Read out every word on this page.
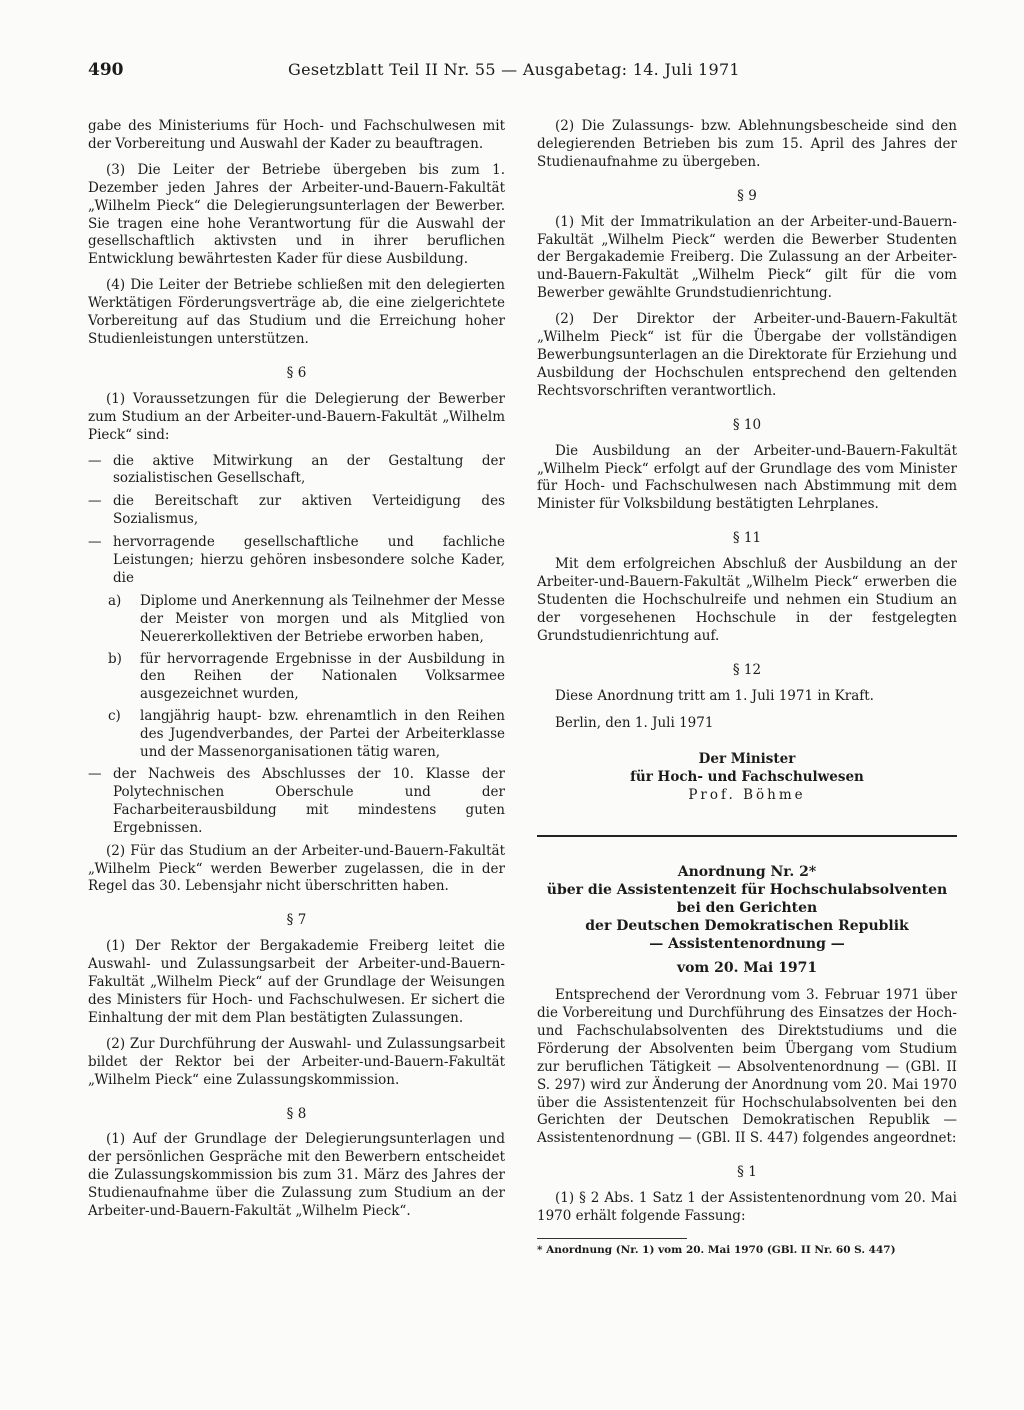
490	Gesetzblatt Teil II Nr. 55 — Ausgabetag: 14. Juli 1971

gabe des Ministeriums für Hoch- und Fachschulwesen mit der Vorbereitung und Auswahl der Kader zu beauftragen.

(3) Die Leiter der Betriebe übergeben bis zum 1. Dezember jeden Jahres der Arbeiter-und-Bauern-Fakultät „Wilhelm Pieck“ die Delegierungsunterlagen der Bewerber. Sie tragen eine hohe Verantwortung für die Auswahl der gesellschaftlich aktivsten und in ihrer beruflichen Entwicklung bewährtesten Kader für diese Ausbildung.

(4) Die Leiter der Betriebe schließen mit den delegierten Werktätigen Förderungsverträge ab, die eine zielgerichtete Vorbereitung auf das Studium und die Erreichung hoher Studienleistungen unterstützen.

§ 6

(1) Voraussetzungen für die Delegierung der Bewerber zum Studium an der Arbeiter-und-Bauern-Fakultät „Wilhelm Pieck“ sind:

— die aktive Mitwirkung an der Gestaltung der sozialistischen Gesellschaft,
— die Bereitschaft zur aktiven Verteidigung des Sozialismus,
— hervorragende gesellschaftliche und fachliche Leistungen; hierzu gehören insbesondere solche Kader, die
a) Diplome und Anerkennung als Teilnehmer der Messe der Meister von morgen und als Mitglied von Neuererkollektiven der Betriebe erworben haben,
b) für hervorragende Ergebnisse in der Ausbildung in den Reihen der Nationalen Volksarmee ausgezeichnet wurden,
c) langjährig haupt- bzw. ehrenamtlich in den Reihen des Jugendverbandes, der Partei der Arbeiterklasse und der Massenorganisationen tätig waren,
— der Nachweis des Abschlusses der 10. Klasse der Polytechnischen Oberschule und der Facharbeiterausbildung mit mindestens guten Ergebnissen.

(2) Für das Studium an der Arbeiter-und-Bauern-Fakultät „Wilhelm Pieck“ werden Bewerber zugelassen, die in der Regel das 30. Lebensjahr nicht überschritten haben.

§ 7

(1) Der Rektor der Bergakademie Freiberg leitet die Auswahl- und Zulassungsarbeit der Arbeiter-und-Bauern-Fakultät „Wilhelm Pieck“ auf der Grundlage der Weisungen des Ministers für Hoch- und Fachschulwesen. Er sichert die Einhaltung der mit dem Plan bestätigten Zulassungen.

(2) Zur Durchführung der Auswahl- und Zulassungsarbeit bildet der Rektor bei der Arbeiter-und-Bauern-Fakultät „Wilhelm Pieck“ eine Zulassungskommission.

§ 8

(1) Auf der Grundlage der Delegierungsunterlagen und der persönlichen Gespräche mit den Bewerbern entscheidet die Zulassungskommission bis zum 31. März des Jahres der Studienaufnahme über die Zulassung zum Studium an der Arbeiter-und-Bauern-Fakultät „Wilhelm Pieck“.

(2) Die Zulassungs- bzw. Ablehnungsbescheide sind den delegierenden Betrieben bis zum 15. April des Jahres der Studienaufnahme zu übergeben.

§ 9

(1) Mit der Immatrikulation an der Arbeiter-und-Bauern-Fakultät „Wilhelm Pieck“ werden die Bewerber Studenten der Bergakademie Freiberg. Die Zulassung an der Arbeiter-und-Bauern-Fakultät „Wilhelm Pieck“ gilt für die vom Bewerber gewählte Grundstudienrichtung.

(2) Der Direktor der Arbeiter-und-Bauern-Fakultät „Wilhelm Pieck“ ist für die Übergabe der vollständigen Bewerbungsunterlagen an die Direktorate für Erziehung und Ausbildung der Hochschulen entsprechend den geltenden Rechtsvorschriften verantwortlich.

§ 10

Die Ausbildung an der Arbeiter-und-Bauern-Fakultät „Wilhelm Pieck“ erfolgt auf der Grundlage des vom Minister für Hoch- und Fachschulwesen nach Abstimmung mit dem Minister für Volksbildung bestätigten Lehrplanes.

§ 11

Mit dem erfolgreichen Abschluß der Ausbildung an der Arbeiter-und-Bauern-Fakultät „Wilhelm Pieck“ erwerben die Studenten die Hochschulreife und nehmen ein Studium an der vorgesehenen Hochschule in der festgelegten Grundstudienrichtung auf.

§ 12

Diese Anordnung tritt am 1. Juli 1971 in Kraft.

Berlin, den 1. Juli 1971

Der Minister

für Hoch- und Fachschulwesen

Prof. Böhme

Anordnung Nr. 2*

über die Assistentenzeit für Hochschulabsolventen

bei den Gerichten

der Deutschen Demokratischen Republik

— Assistentenordnung —

vom 20. Mai 1971

Entsprechend der Verordnung vom 3. Februar 1971 über die Vorbereitung und Durchführung des Einsatzes der Hoch- und Fachschulabsolventen des Direktstudiums und die Förderung der Absolventen beim Übergang vom Studium zur beruflichen Tätigkeit — Absolventenordnung — (GBl. II S. 297) wird zur Änderung der Anordnung vom 20. Mai 1970 über die Assistentenzeit für Hochschulabsolventen bei den Gerichten der Deutschen Demokratischen Republik — Assistentenordnung — (GBl. II S. 447) folgendes angeordnet:

§ 1

(1) § 2 Abs. 1 Satz 1 der Assistentenordnung vom 20. Mai 1970 erhält folgende Fassung:

* Anordnung (Nr. 1) vom 20. Mai 1970 (GBl. II Nr. 60 S. 447)
